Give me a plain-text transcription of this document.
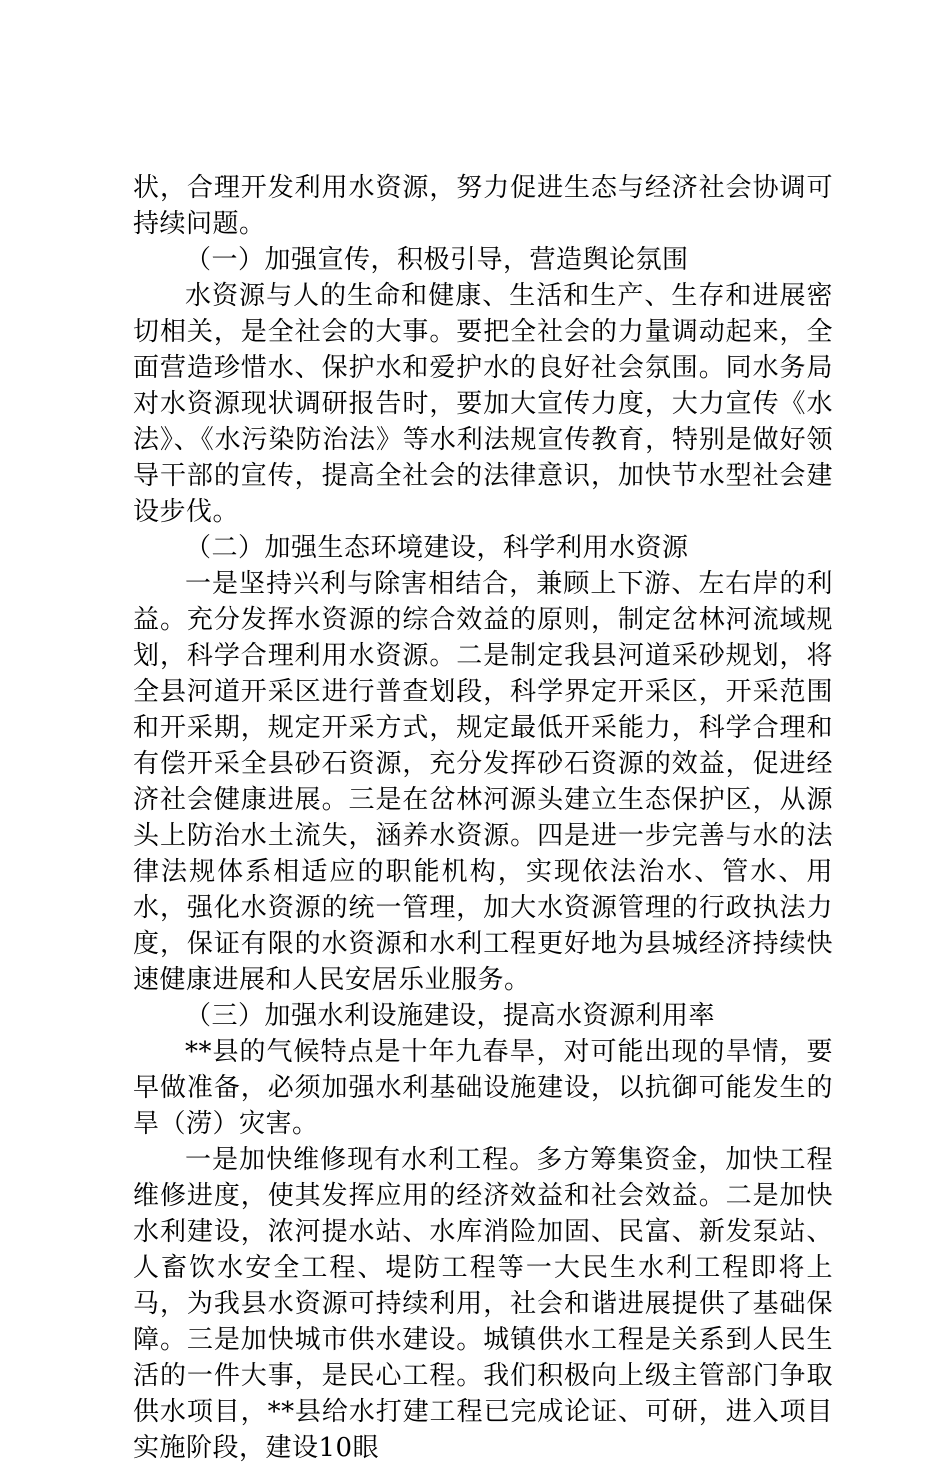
状，合理开发利用水资源，努力促进生态与经济社会协调可持续问题。

（一）加强宣传，积极引导，营造舆论氛围

水资源与人的生命和健康、生活和生产、生存和进展密切相关，是全社会的大事。要把全社会的力量调动起来，全面营造珍惜水、保护水和爱护水的良好社会氛围。同水务局对水资源现状调研报告时，要加大宣传力度，大力宣传《水法》、《水污染防治法》等水利法规宣传教育，特别是做好领导干部的宣传，提高全社会的法律意识，加快节水型社会建设步伐。

（二）加强生态环境建设，科学利用水资源

一是坚持兴利与除害相结合，兼顾上下游、左右岸的利益。充分发挥水资源的综合效益的原则，制定岔林河流域规划，科学合理利用水资源。二是制定我县河道采砂规划，将全县河道开采区进行普查划段，科学界定开采区，开采范围和开采期，规定开采方式，规定最低开采能力，科学合理和有偿开采全县砂石资源，充分发挥砂石资源的效益，促进经济社会健康进展。三是在岔林河源头建立生态保护区，从源头上防治水土流失，涵养水资源。四是进一步完善与水的法律法规体系相适应的职能机构，实现依法治水、管水、用水，强化水资源的统一管理，加大水资源管理的行政执法力度，保证有限的水资源和水利工程更好地为县城经济持续快速健康进展和人民安居乐业服务。

（三）加强水利设施建设，提高水资源利用率

**县的气候特点是十年九春旱，对可能出现的旱情，要早做准备，必须加强水利基础设施建设，以抗御可能发生的旱（涝）灾害。

一是加快维修现有水利工程。多方筹集资金，加快工程维修进度，使其发挥应用的经济效益和社会效益。二是加快水利建设，浓河提水站、水库消险加固、民富、新发泵站、人畜饮水安全工程、堤防工程等一大民生水利工程即将上马，为我县水资源可持续利用，社会和谐进展提供了基础保障。三是加快城市供水建设。城镇供水工程是关系到人民生活的一件大事，是民心工程。我们积极向上级主管部门争取供水项目，**县给水打建工程已完成论证、可研，进入项目实施阶段，建设10眼
